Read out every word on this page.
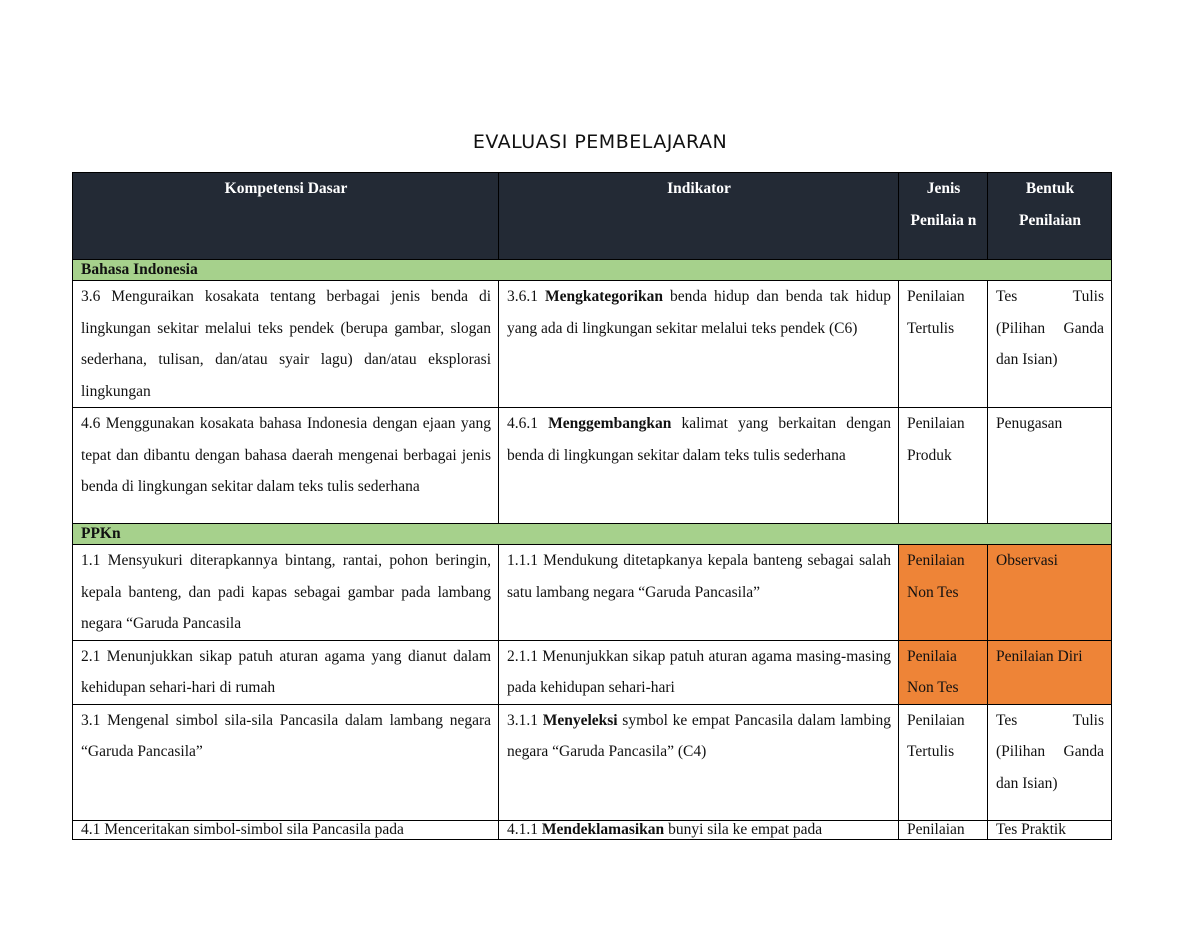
EVALUASI PEMBELAJARAN
Kompetensi Dasar	Indikator	Jenis Penilaia n	Bentuk Penilaian
Bahasa Indonesia			
3.6 Menguraikan kosakata tentang berbagai jenis benda di lingkungan sekitar melalui teks pendek (berupa gambar, slogan sederhana, tulisan, dan/atau syair lagu) dan/atau eksplorasi lingkungan	3.6.1 Mengkategorikan benda hidup dan benda tak hidup yang ada di lingkungan sekitar melalui teks pendek (C6)	Penilaian Tertulis	Tes Tulis (Pilihan Ganda dan Isian)
4.6 Menggunakan kosakata bahasa Indonesia dengan ejaan yang tepat dan dibantu dengan bahasa daerah mengenai berbagai jenis benda di lingkungan sekitar dalam teks tulis sederhana	4.6.1 Menggembangkan kalimat yang berkaitan dengan benda di lingkungan sekitar dalam teks tulis sederhana	Penilaian Produk	Penugasan
PPKn			
1.1 Mensyukuri diterapkannya bintang, rantai, pohon beringin, kepala banteng, dan padi kapas sebagai gambar pada lambang negara “Garuda Pancasila	1.1.1 Mendukung ditetapkanya kepala banteng sebagai salah satu lambang negara “Garuda Pancasila”	Penilaian Non Tes	Observasi
2.1 Menunjukkan sikap patuh aturan agama yang dianut dalam kehidupan sehari-hari di rumah	2.1.1 Menunjukkan sikap patuh aturan agama masing-masing pada kehidupan sehari-hari	Penilaia Non Tes	Penilaian Diri
3.1 Mengenal simbol sila-sila Pancasila dalam lambang negara “Garuda Pancasila”	3.1.1 Menyeleksi symbol ke empat Pancasila dalam lambing negara “Garuda Pancasila” (C4)	Penilaian Tertulis	Tes Tulis (Pilihan Ganda dan Isian)
4.1 Menceritakan simbol-simbol sila Pancasila pada	4.1.1 Mendeklamasikan bunyi sila ke empat pada	Penilaian	Tes Praktik
